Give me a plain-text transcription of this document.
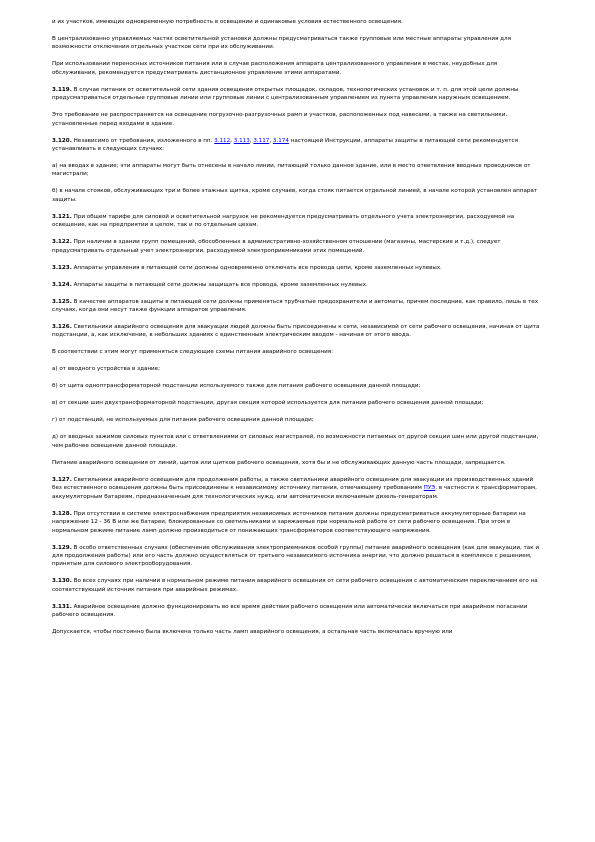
и их участков, имеющих одновременную потребность в освещении и одинаковые условия естественного освещения.

В централизованно управляемых частях осветительной установки должны предусматриваться также групповые или местные аппараты управления для возможности отключения отдельных участков сети при их обслуживании.

При использовании переносных источников питания или в случае расположения аппарата централизованного управления в местах, неудобных для обслуживания, рекомендуется предусматривать дистанционное управление этими аппаратами.

3.119. В случае питания от осветительной сети здания освещения открытых площадок, складов, технологических установок и т. п. для этой цели должны предусматриваться отдельные групповые линии или групповые линии с централизованным управлением из пункта управления наружным освещением.

Это требование не распространяется на освещение погрузочно-разгрузочных рамп и участков, расположенных под навесами, а также на светильники, установленные перед входами в здание.

3.120. Независимо от требования, изложенного в пп. 3.112, 3.113, 3.117, 3.174 настоящей Инструкции, аппараты защиты в питающей сети рекомендуется устанавливать в следующих случаях:

а) на вводах в здание; эти аппараты могут быть отнесены в начало линии, питающей только данное здание, или в место ответвления вводных проводников от магистрали;

б) в начале стояков, обслуживающих три и более этажных щитка, кроме случаев, когда стояк питается отдельной линией, в начале которой установлен аппарат защиты.

3.121. При общем тарифе для силовой и осветительной нагрузок не рекомендуется предусматривать отдельного учета электроэнергии, расходуемой на освещение, как на предприятии в целом, так и по отдельным цехам.

3.122. При наличии в здании групп помещений, обособленных в административно-хозяйственном отношении (магазины, мастерские и т.д.), следует предусматривать отдельный учет электроэнергии, расходуемой электроприемниками этих помещений.

3.123. Аппараты управления в питающей сети должны одновременно отключать все провода цепи, кроме заземленных нулевых.

3.124. Аппараты защиты в питающей сети должны защищать все провода, кроме заземленных нулевых.

3.125. В качестве аппаратов защиты в питающей сети должны применяться трубчатые предохранители и автоматы, причем последние, как правило, лишь в тех случаях, когда они несут также функции аппаратов управления.

3.126. Светильники аварийного освещения для эвакуации людей должны быть присоединены к сети, независимой от сети рабочего освещения, начиная от щита подстанции, а, как исключение, в небольших зданиях с единственным электрическим вводом - начиная от этого ввода.

В соответствии с этим могут применяться следующие схемы питания аварийного освещения:

а) от вводного устройства в здание;

б) от щита одноптрансформаторной подстанции используемого также для питания рабочего освещения данной площади;

в) от секции шин двухтрансформаторной подстанции, другая секция которой используется для питания рабочего освещения данной площади;

г) от подстанций, не используемых для питания рабочего освещения данной площади;

д) от вводных зажимов силовых пунктов или с ответвлениями от силовых магистралей, по возможности питаемых от другой секции шин или другой подстанции, чем рабочее освещение данной площади.

Питание аварийного освещения от линий, щитов или щитков рабочего освещения, хотя бы и не обслуживающих данную часть площади, запрещается.

3.127. Светильники аварийного освещения для продолжения работы, а также светильники аварийного освещения для эвакуации из производственных зданий без естественного освещения должны быть присоединены к независимому источнику питания, отвечающему требованиям ПУЭ, в частности к трансформаторам, аккумуляторным батареям, предназначенным для технологических нужд, или автоматически включаемым дизель-генераторам.

3.128. При отсутствии в системе электроснабжения предприятия независимых источников питания должны предусматриваться аккумуляторные батареи на напряжение 12 - 36 В или же батареи, блокированные со светильниками и заряжаемые при нормальной работе от сети рабочего освещения. При этом в нормальном режиме питание ламп должно производиться от понижающих трансформаторов соответствующего напряжения.

3.129. В особо ответственных случаях (обеспечение обслуживания электроприемников особой группы) питание аварийного освещения (как для эвакуации, так и для продолжения работы) или его часть должно осуществляться от третьего независимого источника энергии, что должно решаться в комплексе с решением, принятым для силового электрооборудования.

3.130. Во всех случаях при наличии в нормальном режиме питания аварийного освещения от сети рабочего освещения с автоматическим переключением его на соответствующий источник питания при аварийных режимах.

3.131. Аварийное освещение должно функционировать во все время действия рабочего освещения или автоматически включаться при аварийном погасании рабочего освещения.

Допускается, чтобы постоянно была включена только часть ламп аварийного освещения, а остальная часть включалась вручную или
